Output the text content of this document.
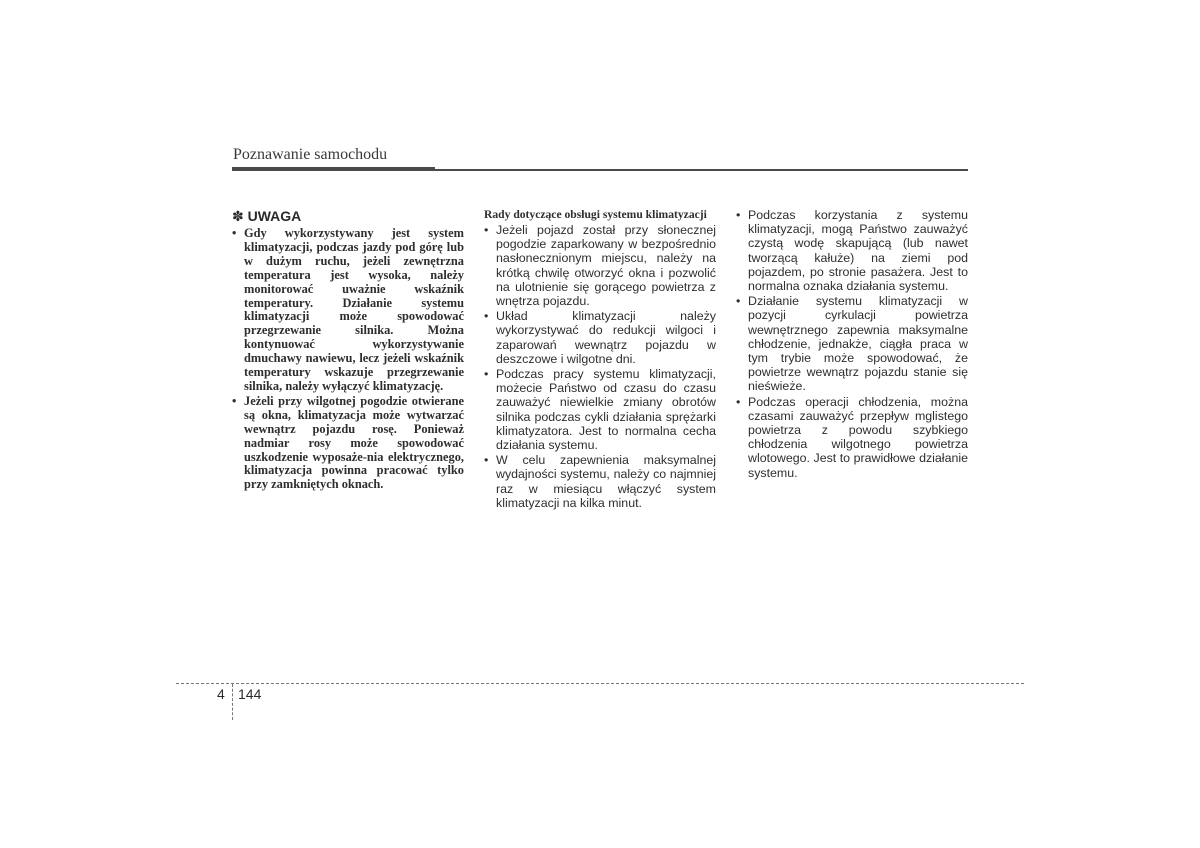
Poznawanie samochodu
✽ UWAGA
• Gdy wykorzystywany jest system klimatyzacji, podczas jazdy pod górę lub w dużym ruchu, jeżeli zewnętrzna temperatura jest wysoka, należy monitorować uważnie wskaźnik temperatury. Działanie systemu klimatyzacji może spowodować przegrzewanie silnika. Można kontynuować wykorzystywanie dmuchawy nawiewu, lecz jeżeli wskaźnik temperatury wskazuje przegrzewanie silnika, należy wyłączyć klimatyzację.
• Jeżeli przy wilgotnej pogodzie otwierane są okna, klimatyzacja może wytwarzać wewnątrz pojazdu rosę. Ponieważ nadmiar rosy może spowodować uszkodzenie wyposaże-nia elektrycznego, klimatyzacja powinna pracować tylko przy zamkniętych oknach.
Rady dotyczące obsługi systemu klimatyzacji
• Jeżeli pojazd został przy słonecznej pogodzie zaparkowany w bezpośrednio nasłonecznionym miejscu, należy na krótką chwilę otworzyć okna i pozwolić na ulotnienie się gorącego powietrza z wnętrza pojazdu.
• Układ klimatyzacji należy wykorzystywać do redukcji wilgoci i zaparowań wewnątrz pojazdu w deszczowe i wilgotne dni.
• Podczas pracy systemu klimatyzacji, możecie Państwo od czasu do czasu zauważyć niewielkie zmiany obrotów silnika podczas cykli działania sprężarki klimatyzatora. Jest to normalna cecha działania systemu.
• W celu zapewnienia maksymalnej wydajności systemu, należy co najmniej raz w miesiącu włączyć system klimatyzacji na kilka minut.
• Podczas korzystania z systemu klimatyzacji, mogą Państwo zauważyć czystą wodę skapującą (lub nawet tworzącą kałuże) na ziemi pod pojazdem, po stronie pasażera. Jest to normalna oznaka działania systemu.
• Działanie systemu klimatyzacji w pozycji cyrkulacji powietrza wewnętrznego zapewnia maksymalne chłodzenie, jednakże, ciągła praca w tym trybie może spowodować, że powietrze wewnątrz pojazdu stanie się nieświeże.
• Podczas operacji chłodzenia, można czasami zauważyć przepływ mglistego powietrza z powodu szybkiego chłodzenia wilgotnego powietrza wlotowego. Jest to prawidłowe działanie systemu.
4 144
